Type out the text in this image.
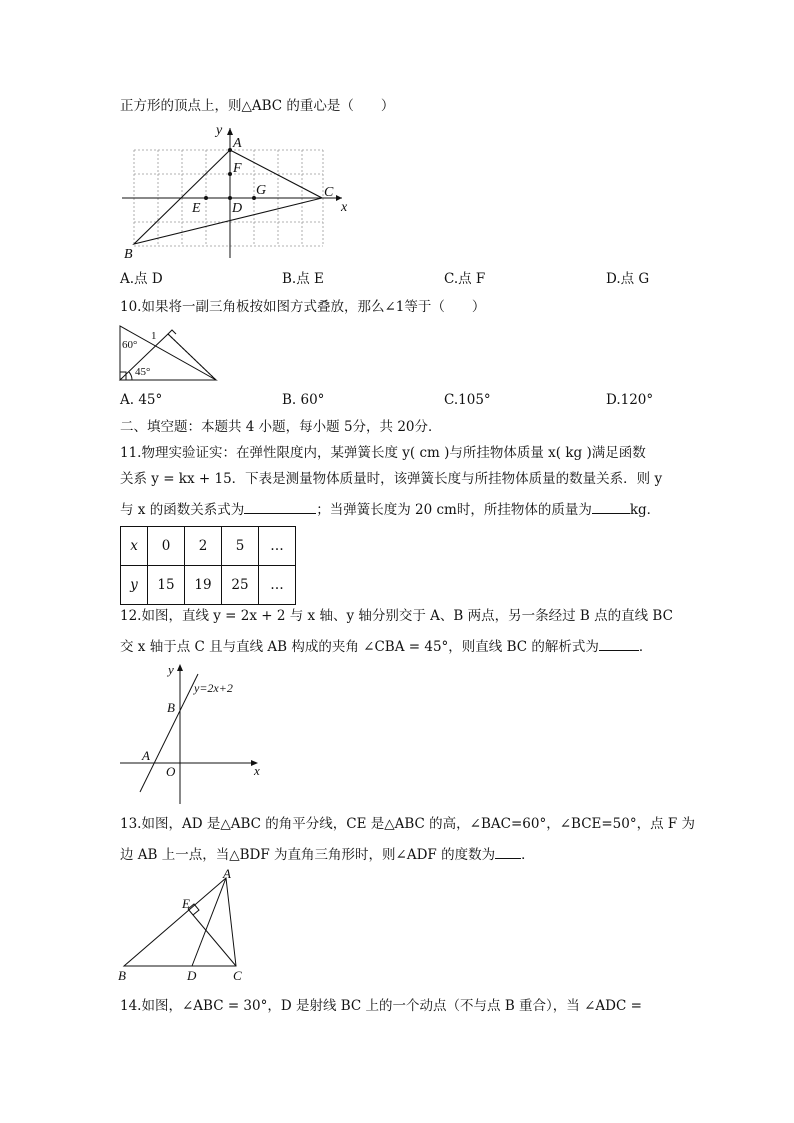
正方形的顶点上，则△ABC 的重心是（　　）
y
x
A
F
D
E
G	C
B
A.点 D	B.点 E	C.点 F	D.点 G
10.如果将一副三角板按如图方式叠放，那么∠1等于（　　）
60°
1
45°
A. 45°	B. 60°	C.105°	D.120°
二、填空题：本题共 4 小题，每小题 5分，共 20分．
11.物理实验证实：在弹性限度内，某弹簧长度 y( cm )与所挂物体质量 x( kg )满足函数
关系 y = kx + 15．下表是测量物体质量时，该弹簧长度与所挂物体质量的数量关系．则 y
与 x 的函数关系式为	；当弹簧长度为 20 cm时，所挂物体的质量为	kg．
x	0	2	5	…
y	15	19	25	…
12.如图，直线 y = 2x + 2 与 x 轴、y 轴分别交于 A、B 两点，另一条经过 B 点的直线 BC
交 x 轴于点 C 且与直线 AB 构成的夹角 ∠CBA = 45°，则直线 BC 的解析式为	．
y
x
O
A
B
y=2x+2
13.如图，AD 是△ABC 的角平分线，CE 是△ABC 的高，∠BAC=60°，∠BCE=50°，点 F 为
边 AB 上一点，当△BDF 为直角三角形时，则∠ADF 的度数为 ．
A
B	C
D
E
14.如图，∠ABC = 30°，D 是射线 BC 上的一个动点（不与点 B 重合），当 ∠ADC =
